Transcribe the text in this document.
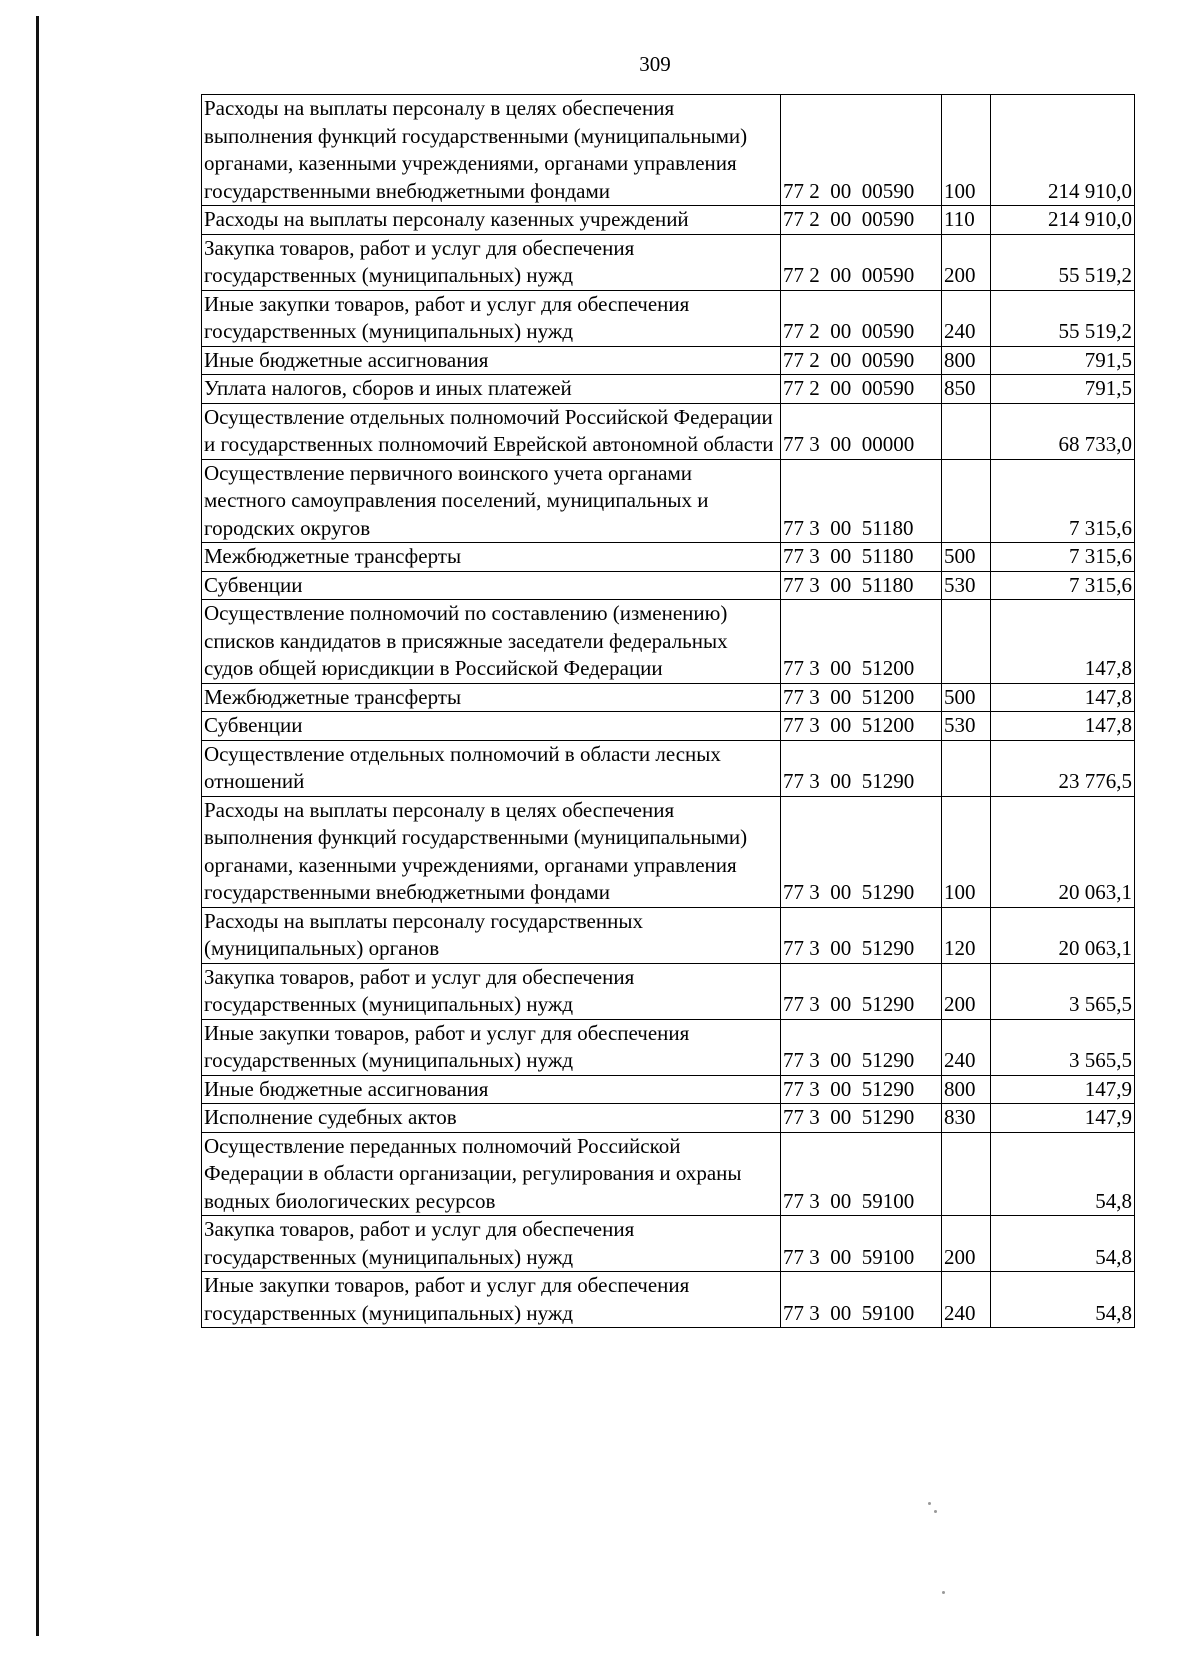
309
Расходы на выплаты персоналу в целях обеспечения выполнения функций государственными (муниципальными) органами, казенными учреждениями, органами управления государственными внебюджетными фондами	77 2  00  00590	100	214 910,0
Расходы на выплаты персоналу казенных учреждений	77 2  00  00590	110	214 910,0
Закупка товаров, работ и услуг для обеспечения государственных (муниципальных) нужд	77 2  00  00590	200	55 519,2
Иные закупки товаров, работ и услуг для обеспечения государственных (муниципальных) нужд	77 2  00  00590	240	55 519,2
Иные бюджетные ассигнования	77 2  00  00590	800	791,5
Уплата налогов, сборов и иных платежей	77 2  00  00590	850	791,5
Осуществление отдельных полномочий Российской Федерации и государственных полномочий Еврейской автономной области	77 3  00  00000		68 733,0
Осуществление первичного воинского учета органами местного самоуправления поселений, муниципальных и городских округов	77 3  00  51180		7 315,6
Межбюджетные трансферты	77 3  00  51180	500	7 315,6
Субвенции	77 3  00  51180	530	7 315,6
Осуществление полномочий по составлению (изменению) списков кандидатов в присяжные заседатели федеральных судов общей юрисдикции в Российской Федерации	77 3  00  51200		147,8
Межбюджетные трансферты	77 3  00  51200	500	147,8
Субвенции	77 3  00  51200	530	147,8
Осуществление отдельных полномочий в области лесных отношений	77 3  00  51290		23 776,5
Расходы на выплаты персоналу в целях обеспечения выполнения функций государственными (муниципальными) органами, казенными учреждениями, органами управления государственными внебюджетными фондами	77 3  00  51290	100	20 063,1
Расходы на выплаты персоналу государственных (муниципальных) органов	77 3  00  51290	120	20 063,1
Закупка товаров, работ и услуг для обеспечения государственных (муниципальных) нужд	77 3  00  51290	200	3 565,5
Иные закупки товаров, работ и услуг для обеспечения государственных (муниципальных) нужд	77 3  00  51290	240	3 565,5
Иные бюджетные ассигнования	77 3  00  51290	800	147,9
Исполнение судебных актов	77 3  00  51290	830	147,9
Осуществление переданных полномочий Российской Федерации в области организации, регулирования и охраны водных биологических ресурсов	77 3  00  59100		54,8
Закупка товаров, работ и услуг для обеспечения государственных (муниципальных) нужд	77 3  00  59100	200	54,8
Иные закупки товаров, работ и услуг для обеспечения государственных (муниципальных) нужд	77 3  00  59100	240	54,8
